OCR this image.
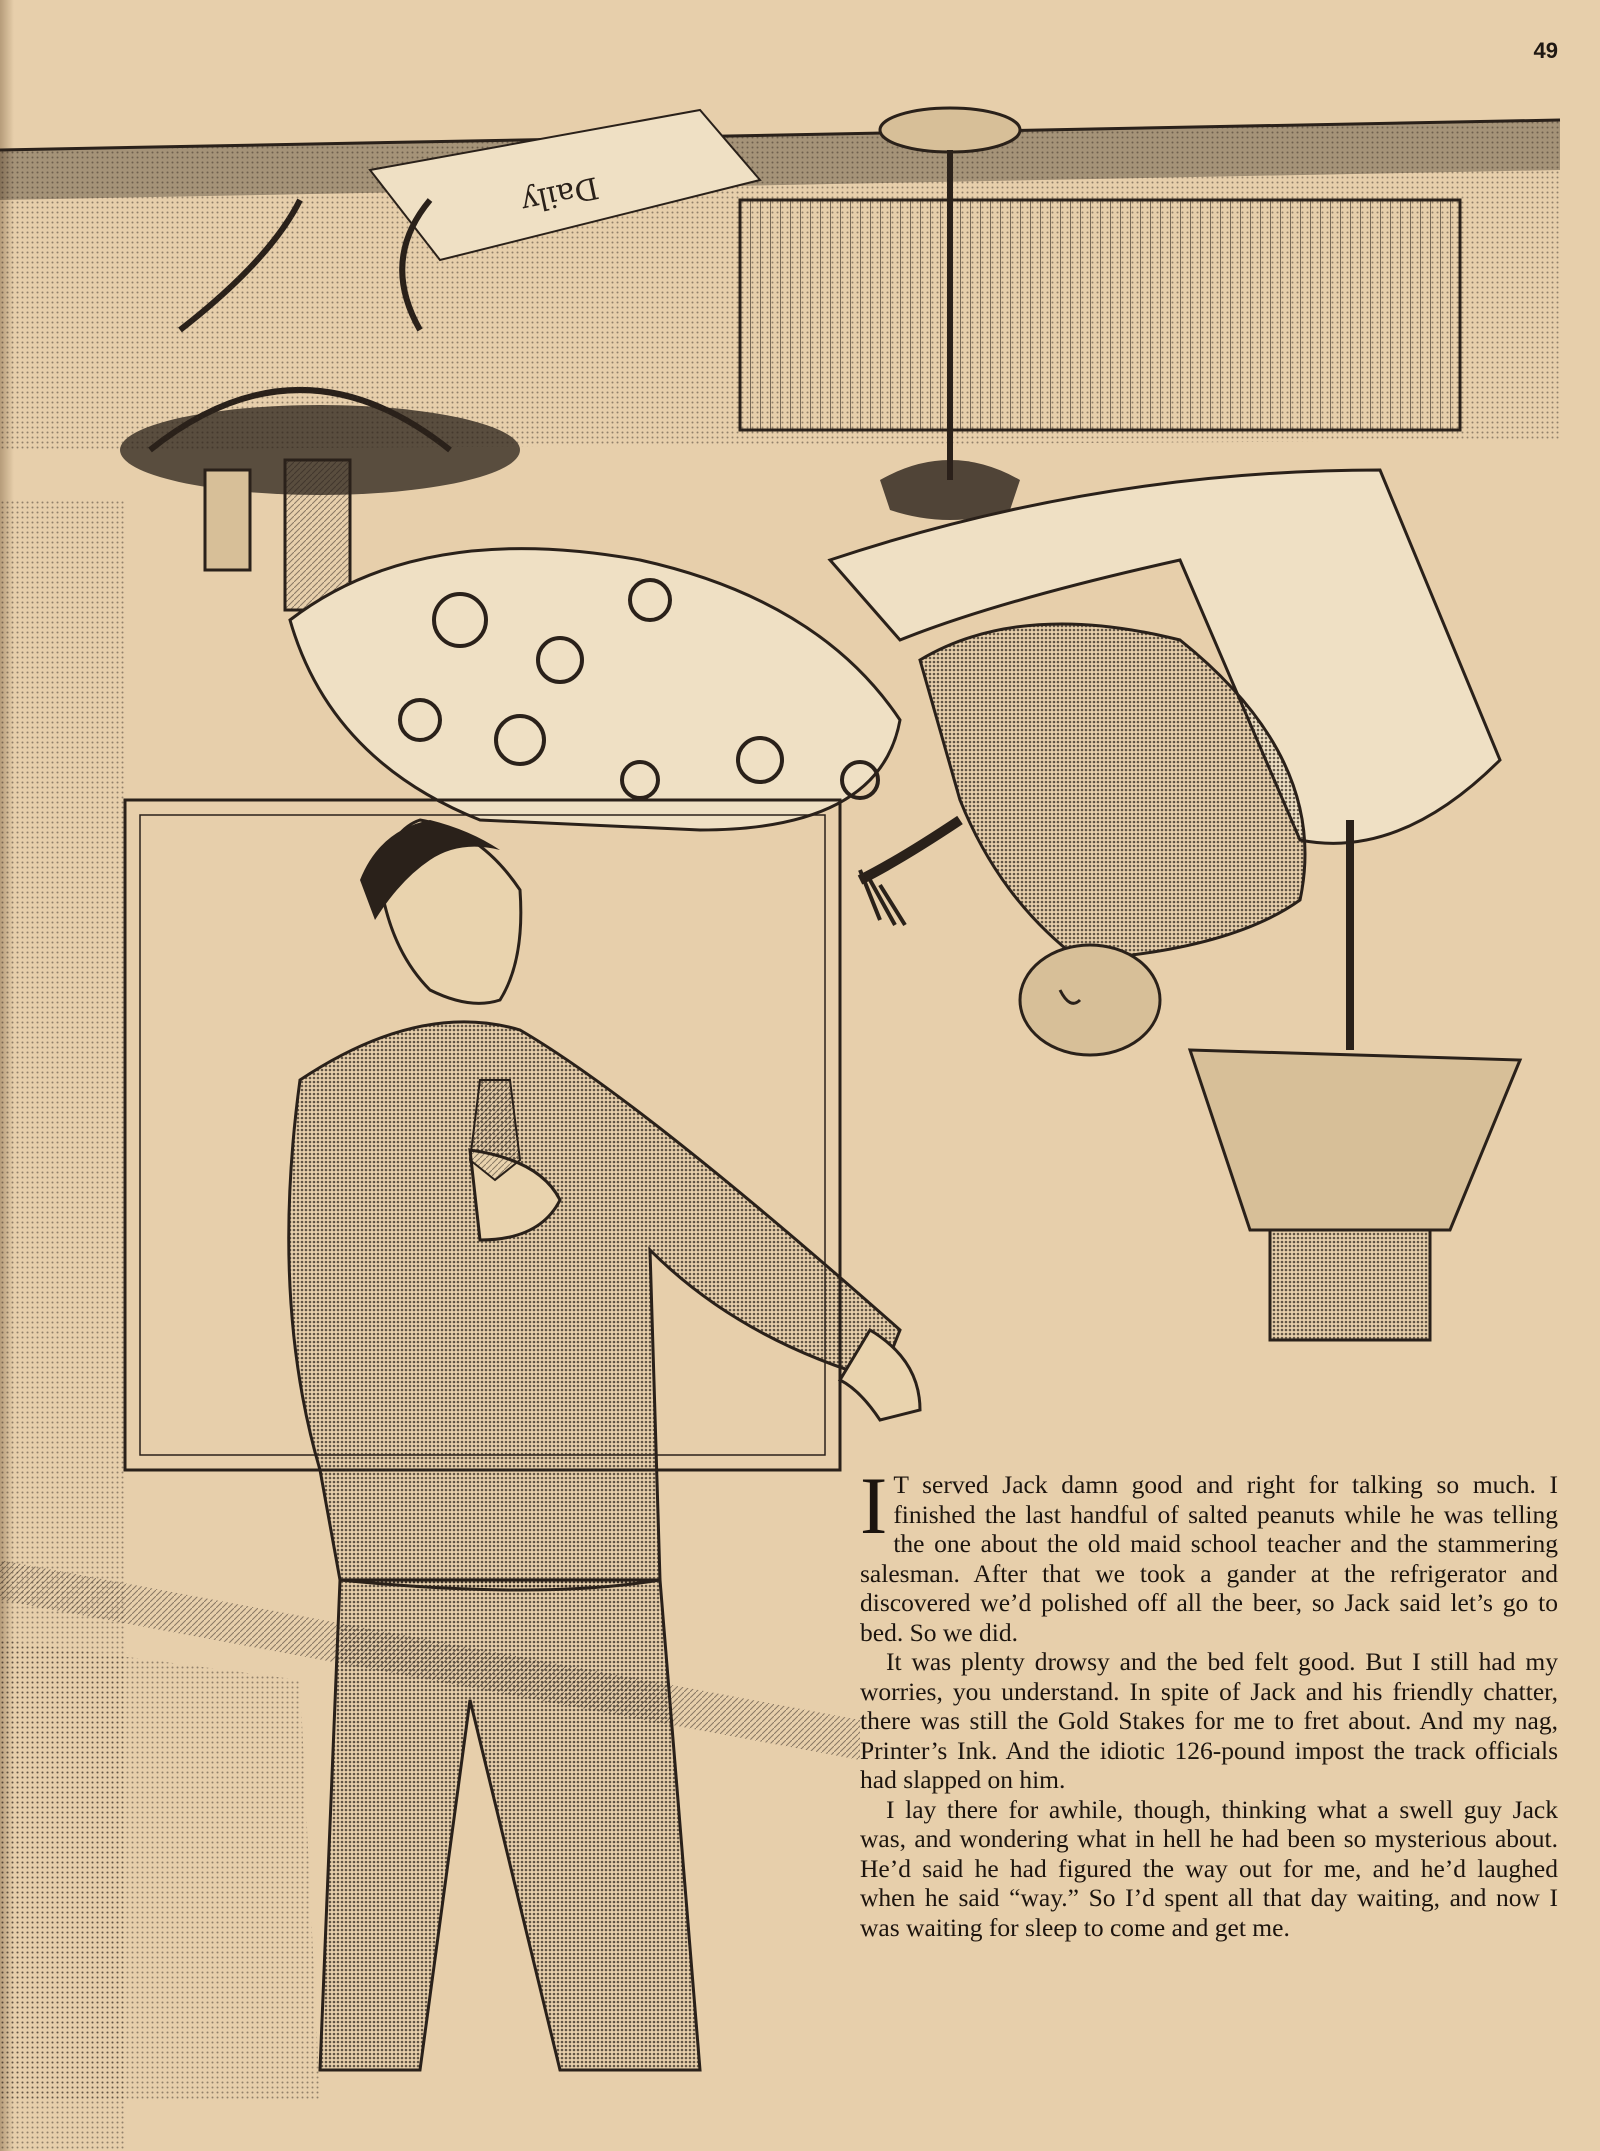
49
Daily

I T served Jack damn good and right for talking so much. I finished the last handful of salted peanuts while he was telling the one about the old maid school teacher and the stammering salesman. After that we took a gander at the refrigerator and discovered we’d polished off all the beer, so Jack said let’s go to bed. So we did.

It was plenty drowsy and the bed felt good. But I still had my worries, you understand. In spite of Jack and his friendly chatter, there was still the Gold Stakes for me to fret about. And my nag, Printer’s Ink. And the idiotic 126-pound impost the track officials had slapped on him.

I lay there for awhile, though, thinking what a swell guy Jack was, and wondering what in hell he had been so mysterious about. He’d said he had figured the way out for me, and he’d laughed when he said “way.” So I’d spent all that day waiting, and now I was waiting for sleep to come and get me.
